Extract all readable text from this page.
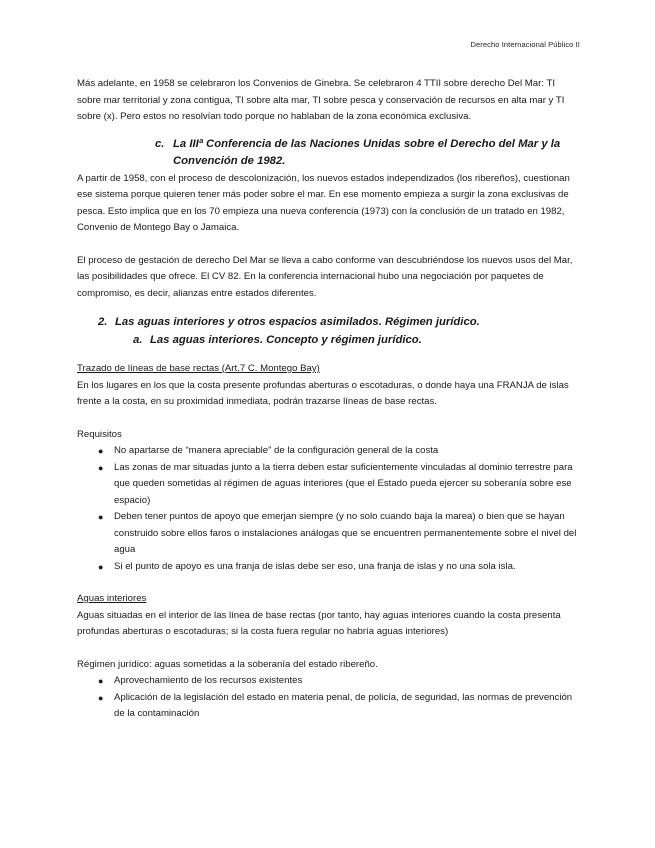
Derecho Internacional Público II

Más adelante, en 1958 se celebraron los Convenios de Ginebra. Se celebraron 4 TTII sobre derecho Del Mar: TI sobre mar territorial y zona contigua, TI sobre alta mar, TI sobre pesca y conservación de recursos en alta mar y TI sobre (x). Pero estos no resolvían todo porque no hablaban de la zona económica exclusiva.

c. La IIIª Conferencia de las Naciones Unidas sobre el Derecho del Mar y la Convención de 1982.

A partir de 1958, con el proceso de descolonización, los nuevos estados independizados (los ribereños), cuestionan ese sistema porque quieren tener más poder sobre el mar. En ese momento empieza a surgir la zona exclusivas de pesca. Esto implica que en los 70 empieza una nueva conferencia (1973) con la conclusión de un tratado en 1982, Convenio de Montego Bay o Jamaica.

El proceso de gestación de derecho Del Mar se lleva a cabo conforme van descubriéndose los nuevos usos del Mar, las posibilidades que ofrece. El CV 82. En la conferencia internacional hubo una negociación por paquetes de compromiso, es decir, alianzas entre estados diferentes.

2. Las aguas interiores y otros espacios asimilados. Régimen jurídico.
a. Las aguas interiores. Concepto y régimen jurídico.

Trazado de líneas de base rectas (Art.7 C. Montego Bay)

En los lugares en los que la costa presente profundas aberturas o escotaduras, o donde haya una FRANJA de islas frente a la costa, en su proximidad inmediata, podrán trazarse líneas de base rectas.

Requisitos

●	No apartarse de “manera apreciable” de la configuración general de la costa
●	Las zonas de mar situadas junto a la tierra deben estar suficientemente vinculadas al dominio terrestre para que queden sometidas al régimen de aguas interiores (que el Estado pueda ejercer su soberanía sobre ese espacio)
●	Deben tener puntos de apoyo que emerjan siempre (y no solo cuando baja la marea) o bien que se hayan construido sobre ellos faros o instalaciones análogas que se encuentren permanentemente sobre el nivel del agua
●	Si el punto de apoyo es una franja de islas debe ser eso, una franja de islas y no una sola isla.

Aguas interiores

Aguas situadas en el interior de las línea de base rectas (por tanto, hay aguas interiores cuando la costa presenta profundas aberturas o escotaduras; si la costa fuera regular no habría aguas interiores)

Régimen jurídico: aguas sometidas a la soberanía del estado ribereño.

●	Aprovechamiento de los recursos existentes
●	Aplicación de la legislación del estado en materia penal, de policía, de seguridad, las normas de prevención de la contaminación
